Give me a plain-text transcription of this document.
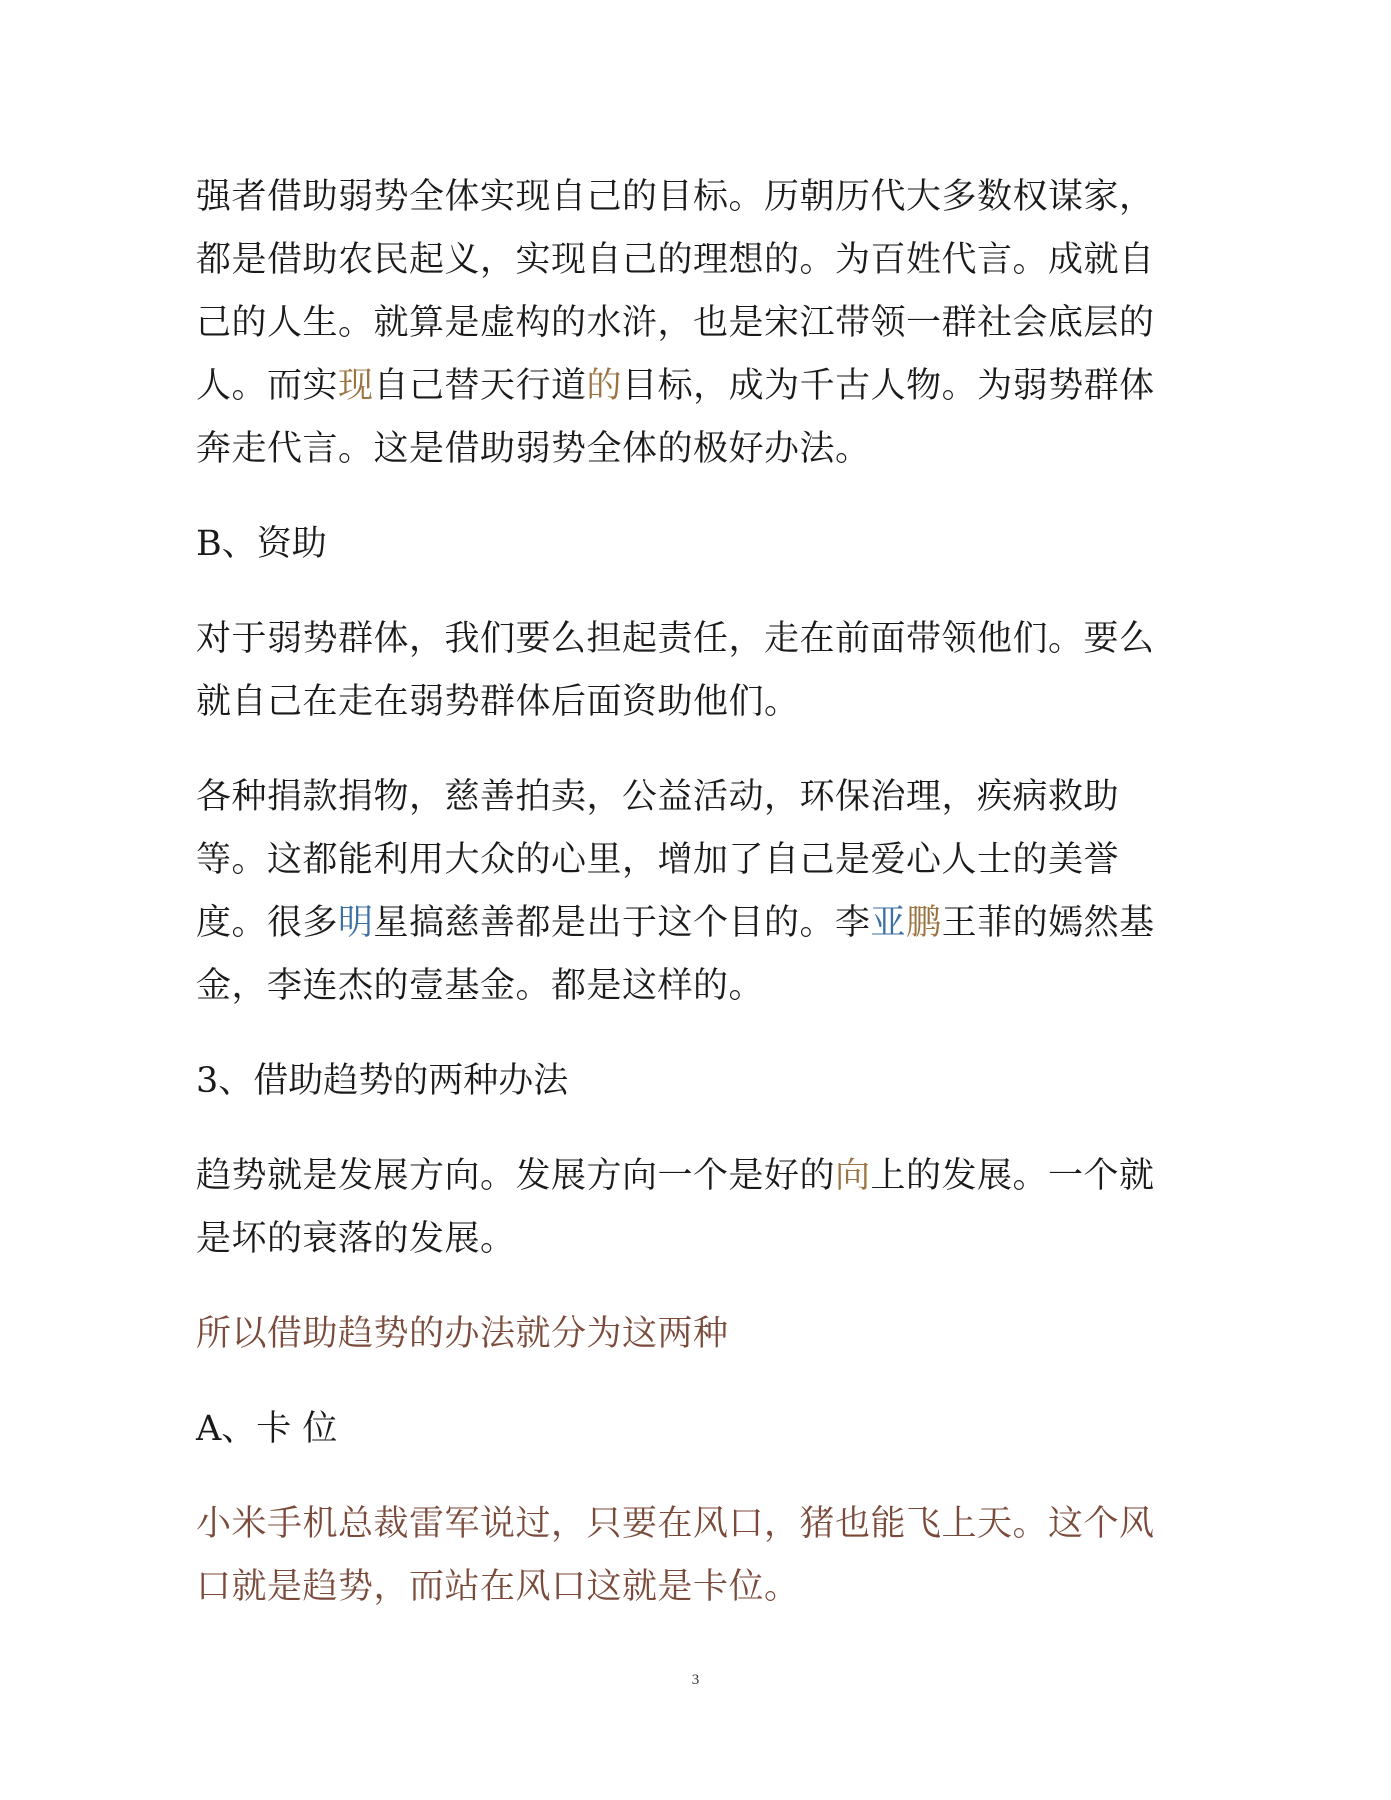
强者借助弱势全体实现自己的目标。历朝历代大多数权谋家，都是借助农民起义，实现自己的理想的。为百姓代言。成就自己的人生。就算是虚构的水浒，也是宋江带领一群社会底层的人。而实现自己替天行道的目标，成为千古人物。为弱势群体奔走代言。这是借助弱势全体的极好办法。

B、资助

对于弱势群体，我们要么担起责任，走在前面带领他们。要么就自己在走在弱势群体后面资助他们。

各种捐款捐物，慈善拍卖，公益活动，环保治理，疾病救助等。这都能利用大众的心里，增加了自己是爱心人士的美誉度。很多明星搞慈善都是出于这个目的。李亚鹏王菲的嫣然基金，李连杰的壹基金。都是这样的。

3、借助趋势的两种办法

趋势就是发展方向。发展方向一个是好的向上的发展。一个就是坏的衰落的发展。

所以借助趋势的办法就分为这两种

A、卡 位

小米手机总裁雷军说过，只要在风口，猪也能飞上天。这个风口就是趋势，而站在风口这就是卡位。

3
